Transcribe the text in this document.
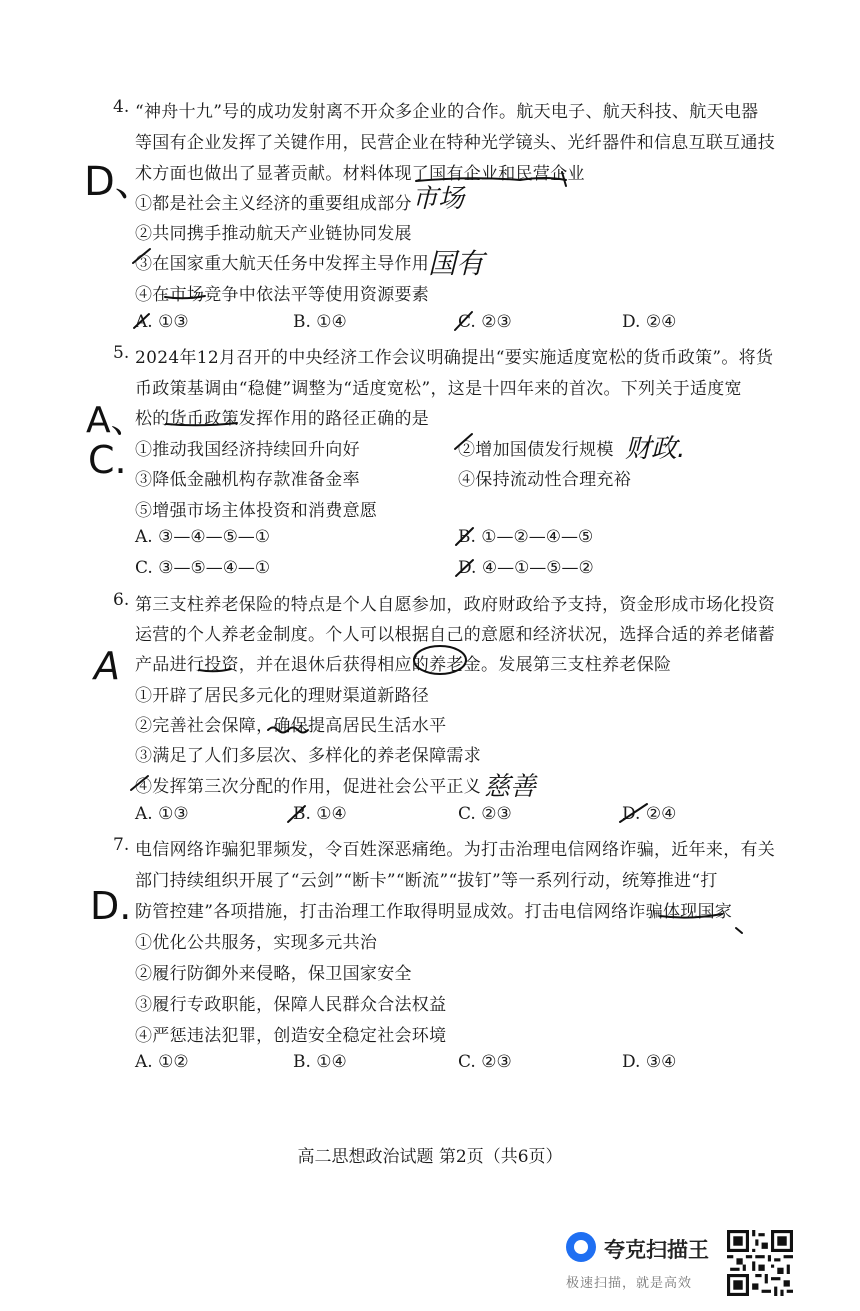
4. “神舟十九”号的成功发射离不开众多企业的合作。航天电子、航天科技、航天电器
等国有企业发挥了关键作用，民营企业在特种光学镜头、光纤器件和信息互联互通技
术方面也做出了显著贡献。材料体现了国有企业和民营企业
①都是社会主义经济的重要组成部分
②共同携手推动航天产业链协同发展
③在国家重大航天任务中发挥主导作用
④在市场竞争中依法平等使用资源要素
A. ①③	B. ①④	C. ②③	D. ②④
5. 2024年12月召开的中央经济工作会议明确提出“要实施适度宽松的货币政策”。将货
币政策基调由“稳健”调整为“适度宽松”，这是十四年来的首次。下列关于适度宽
松的货币政策发挥作用的路径正确的是
①推动我国经济持续回升向好	②增加国债发行规模
③降低金融机构存款准备金率	④保持流动性合理充裕
⑤增强市场主体投资和消费意愿
A. ③—④—⑤—①	B. ①—②—④—⑤
C. ③—⑤—④—①	D. ④—①—⑤—②
6. 第三支柱养老保险的特点是个人自愿参加，政府财政给予支持，资金形成市场化投资
运营的个人养老金制度。个人可以根据自己的意愿和经济状况，选择合适的养老储蓄
产品进行投资，并在退休后获得相应的养老金。发展第三支柱养老保险
①开辟了居民多元化的理财渠道新路径
②完善社会保障，确保提高居民生活水平
③满足了人们多层次、多样化的养老保障需求
④发挥第三次分配的作用，促进社会公平正义
A. ①③	B. ①④	C. ②③	D. ②④
7. 电信网络诈骗犯罪频发，令百姓深恶痛绝。为打击治理电信网络诈骗，近年来，有关
部门持续组织开展了“云剑”“断卡”“断流”“拔钉”等一系列行动，统筹推进“打
防管控建”各项措施，打击治理工作取得明显成效。打击电信网络诈骗体现国家
①优化公共服务，实现多元共治
②履行防御外来侵略，保卫国家安全
③履行专政职能，保障人民群众合法权益
④严惩违法犯罪，创造安全稳定社会环境
A. ①②	B. ①④	C. ②③	D. ③④
D、	市场
国有
A、
C.	财政.
A
慈善
D.
高二思想政治试题 第2页（共6页）
夸克扫描王
极速扫描，就是高效
